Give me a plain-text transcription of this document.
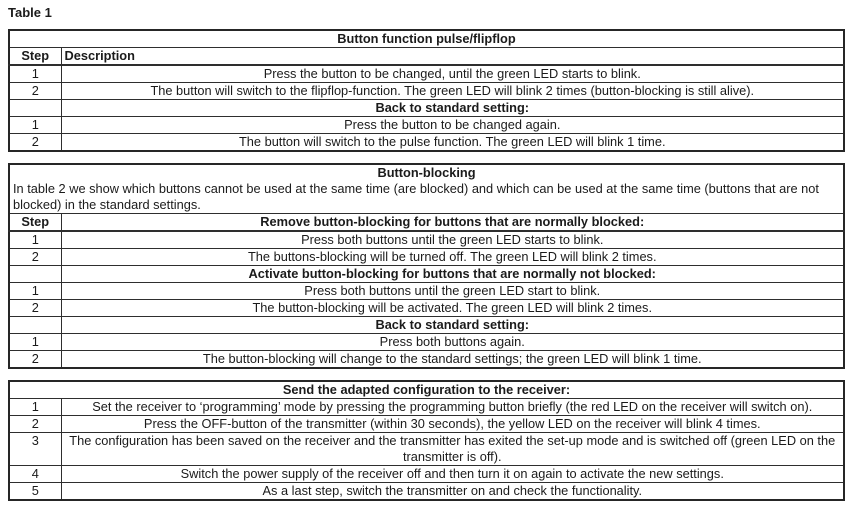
Table 1
Button function pulse/flipflop	
Step	Description
1	Press the button to be changed, until the green LED starts to blink.
2	The button will switch to the flipflop-function. The green LED will blink 2 times (button-blocking is still alive).
	Back to standard setting:
1	Press the button to be changed again.
2	The button will switch to the pulse function. The green LED will blink 1 time.
Button-blocking	
In table 2 we show which buttons cannot be used at the same time (are blocked) and which can be used at the same time (buttons that are not blocked) in the standard settings.	
Step	Remove button-blocking for buttons that are normally blocked:
1	Press both buttons until the green LED starts to blink.
2	The buttons-blocking will be turned off. The green LED will blink 2 times.
	Activate button-blocking for buttons that are normally not blocked:
1	Press both buttons until the green LED start to blink.
2	The button-blocking will be activated. The green LED will blink 2 times.
	Back to standard setting:
1	Press both buttons again.
2	The button-blocking will change to the standard settings; the green LED will blink 1 time.
Send the adapted configuration to the receiver:	
1	Set the receiver to ‘programming’ mode by pressing the programming button briefly (the red LED on the receiver will switch on).
2	Press the OFF-button of the transmitter (within 30 seconds), the yellow LED on the receiver will blink 4 times.
3	The configuration has been saved on the receiver and the transmitter has exited the set-up mode and is switched off (green LED on the transmitter is off).
4	Switch the power supply of the receiver off and then turn it on again to activate the new settings.
5	As a last step, switch the transmitter on and check the functionality.
